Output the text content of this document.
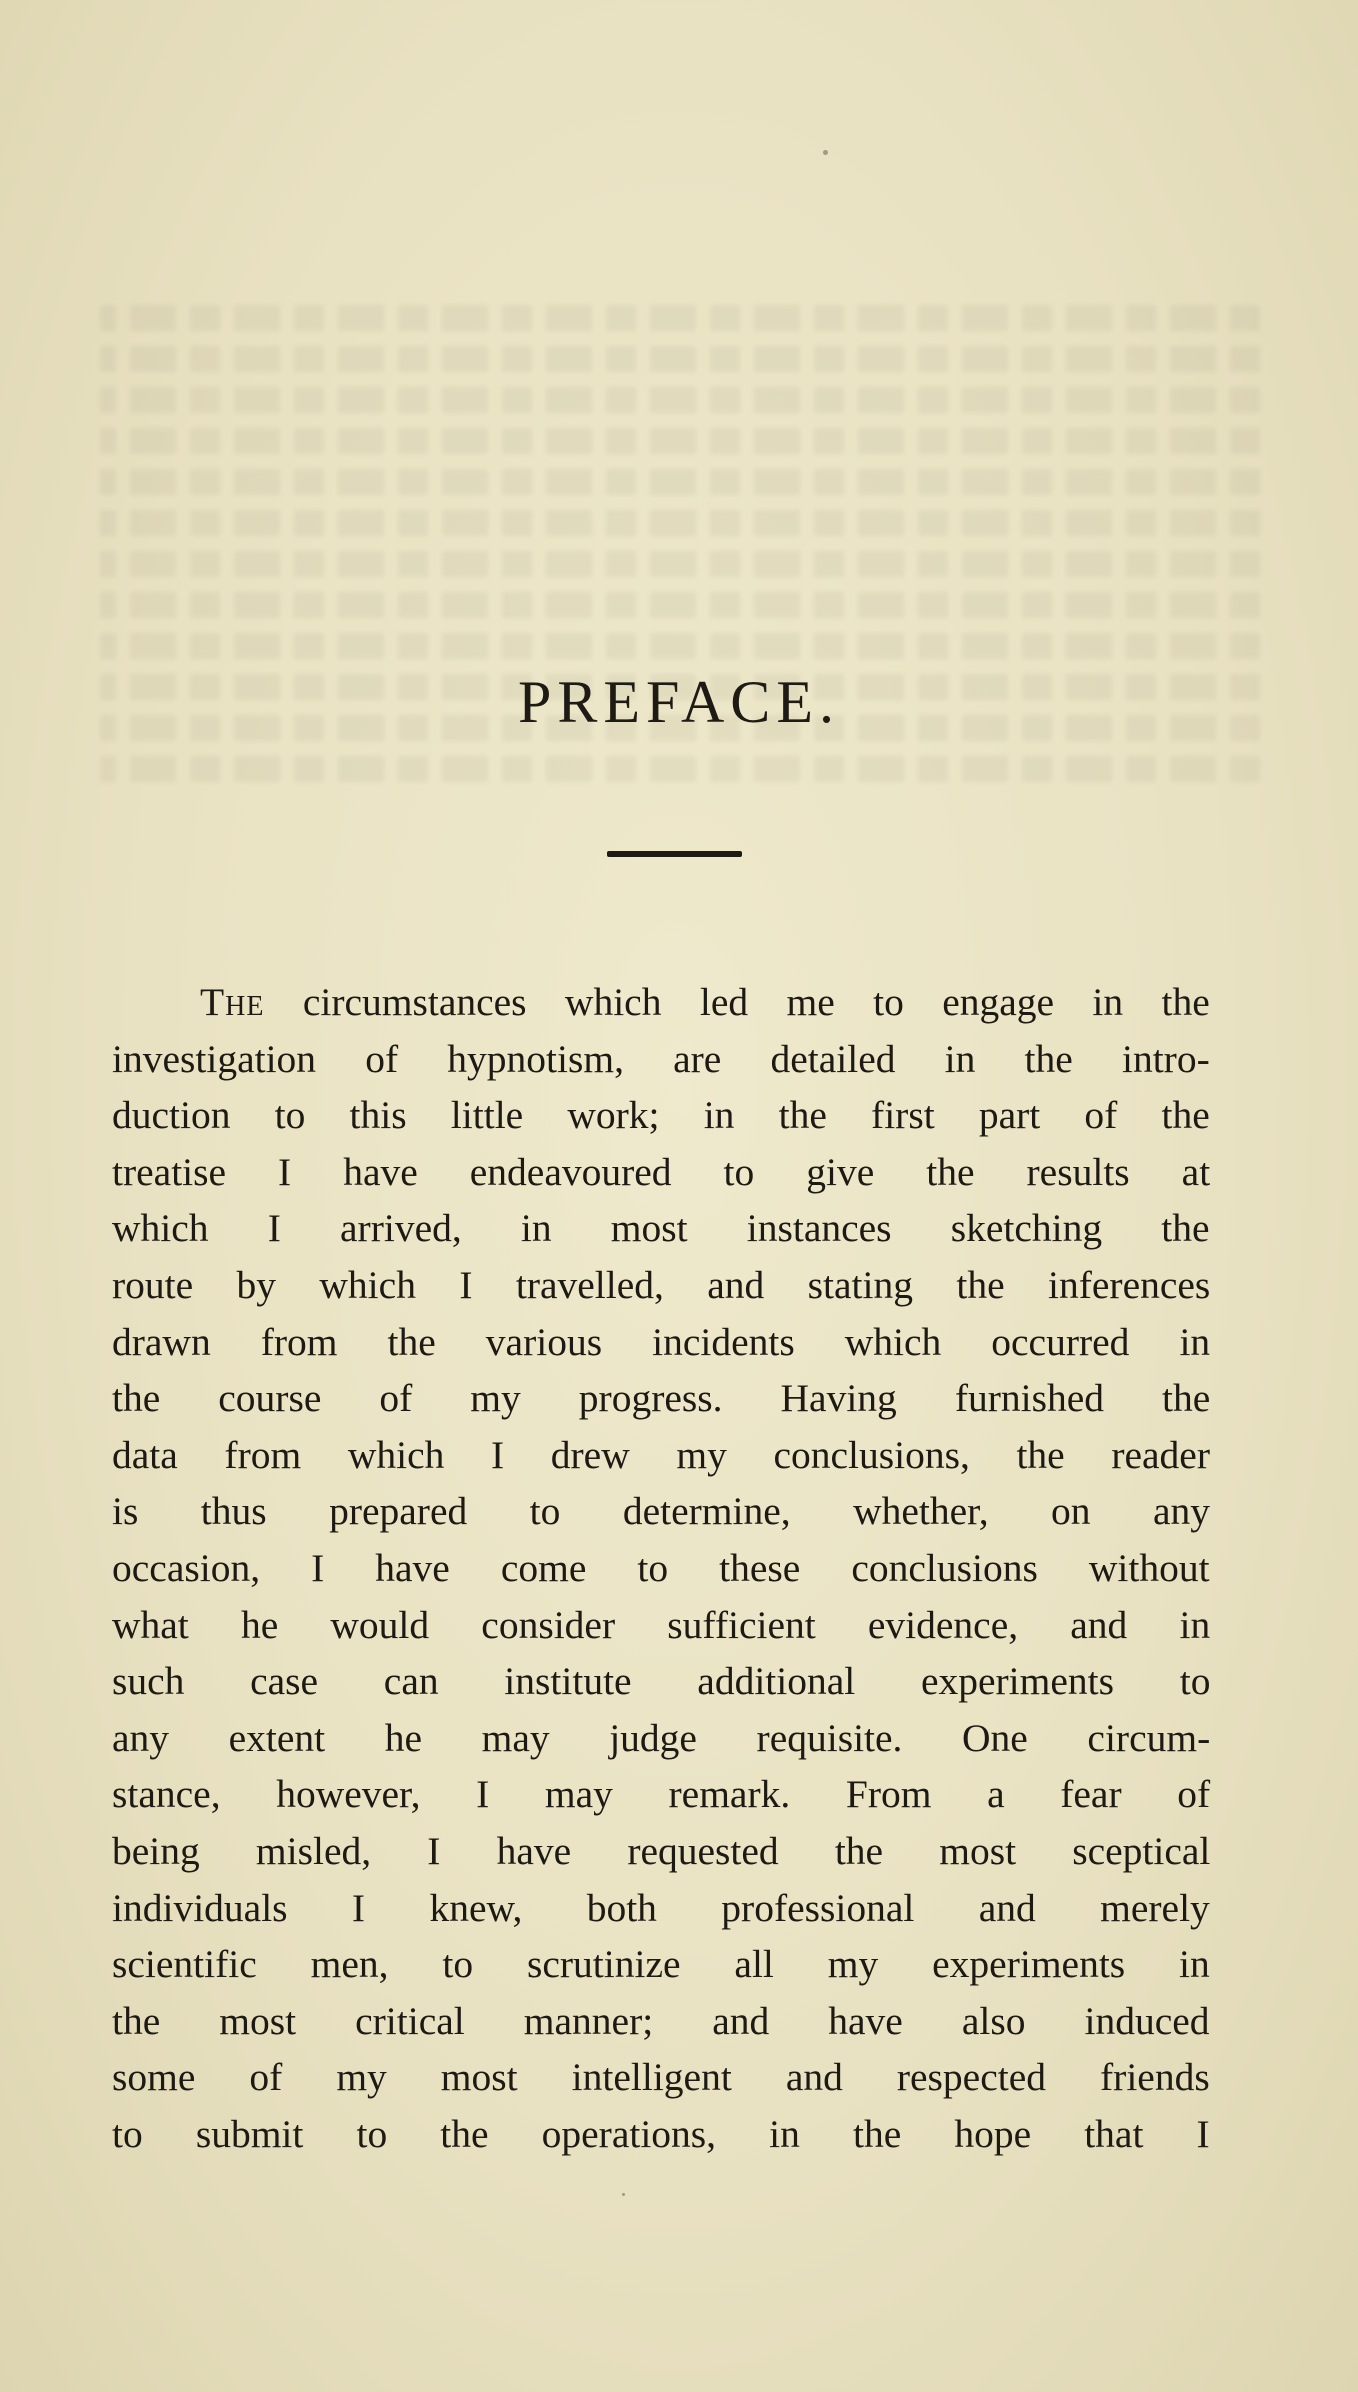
PREFACE.
The circumstances which led me to engage in the
investigation of hypnotism, are detailed in the intro-
duction to this little work; in the first part of the
treatise I have endeavoured to give the results at
which I arrived, in most instances sketching the
route by which I travelled, and stating the inferences
drawn from the various incidents which occurred in
the course of my progress. Having furnished the
data from which I drew my conclusions, the reader
is thus prepared to determine, whether, on any
occasion, I have come to these conclusions without
what he would consider sufficient evidence, and in
such case can institute additional experiments to
any extent he may judge requisite. One circum-
stance, however, I may remark. From a fear of
being misled, I have requested the most sceptical
individuals I knew, both professional and merely
scientific men, to scrutinize all my experiments in
the most critical manner; and have also induced
some of my most intelligent and respected friends
to submit to the operations, in the hope that I
